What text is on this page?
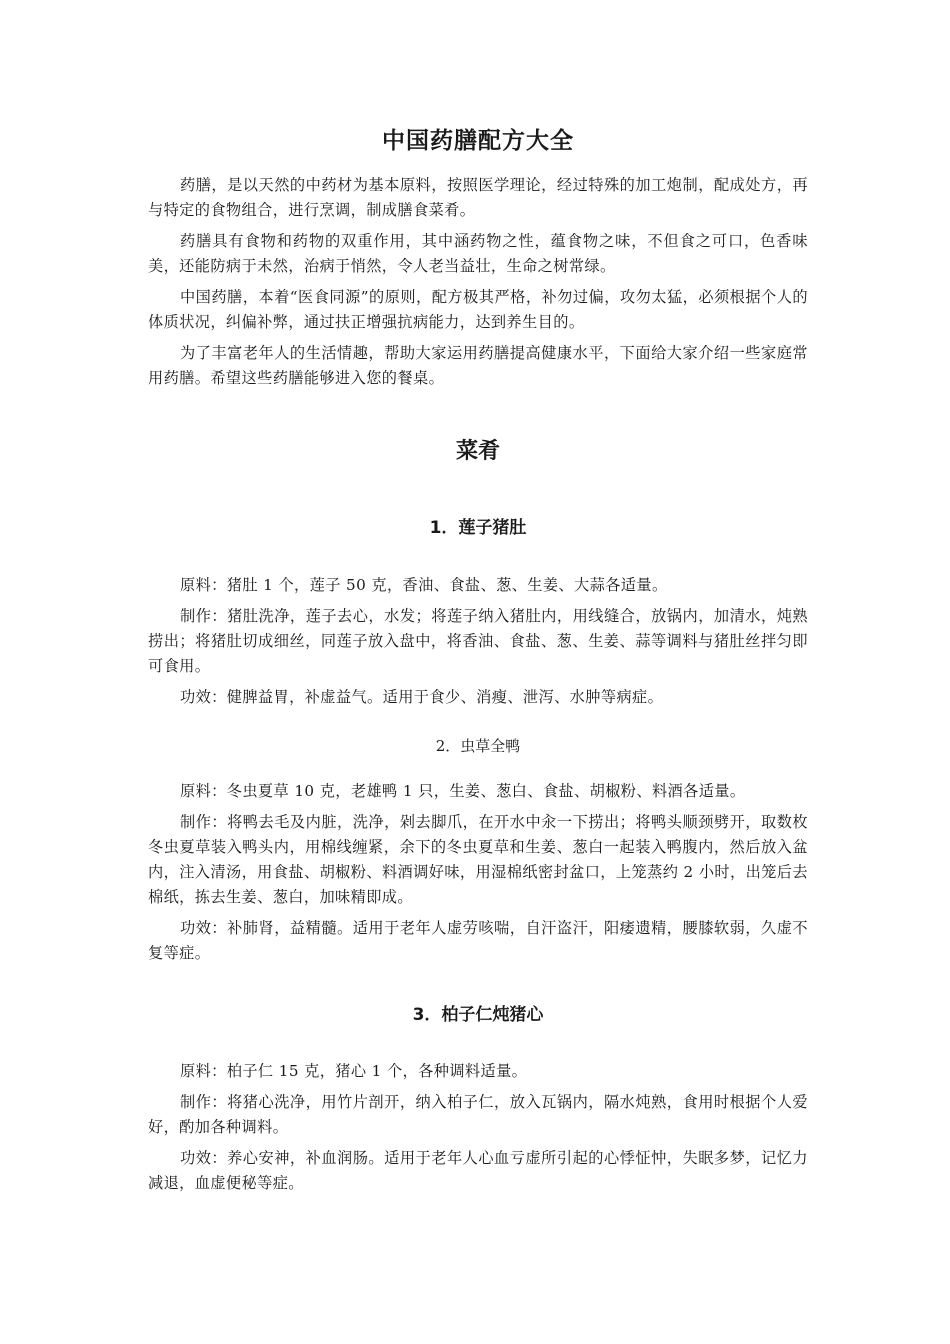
中国药膳配方大全

药膳，是以天然的中药材为基本原料，按照医学理论，经过特殊的加工炮制，配成处方，再与特定的食物组合，进行烹调，制成膳食菜肴。

药膳具有食物和药物的双重作用，其中涵药物之性，蕴食物之味，不但食之可口，色香味美，还能防病于未然，治病于悄然，令人老当益壮，生命之树常绿。

中国药膳，本着“医食同源”的原则，配方极其严格，补勿过偏，攻勿太猛，必须根据个人的体质状况，纠偏补弊，通过扶正增强抗病能力，达到养生目的。

为了丰富老年人的生活情趣，帮助大家运用药膳提高健康水平，下面给大家介绍一些家庭常用药膳。希望这些药膳能够进入您的餐桌。

菜肴
1．莲子猪肚

原料：猪肚 1 个，莲子 50 克，香油、食盐、葱、生姜、大蒜各适量。

制作：猪肚洗净，莲子去心，水发；将莲子纳入猪肚内，用线缝合，放锅内，加清水，炖熟捞出；将猪肚切成细丝，同莲子放入盘中，将香油、食盐、葱、生姜、蒜等调料与猪肚丝拌匀即可食用。

功效：健脾益胃，补虚益气。适用于食少、消瘦、泄泻、水肿等病症。

2．虫草全鸭

原料：冬虫夏草 10 克，老雄鸭 1 只，生姜、葱白、食盐、胡椒粉、料酒各适量。

制作：将鸭去毛及内脏，洗净，剁去脚爪，在开水中汆一下捞出；将鸭头顺颈劈开，取数枚冬虫夏草装入鸭头内，用棉线缠紧，余下的冬虫夏草和生姜、葱白一起装入鸭腹内，然后放入盆内，注入清汤，用食盐、胡椒粉、料酒调好味，用湿棉纸密封盆口，上笼蒸约 2 小时，出笼后去棉纸，拣去生姜、葱白，加味精即成。

功效：补肺肾，益精髓。适用于老年人虚劳咳喘，自汗盗汗，阳痿遗精，腰膝软弱，久虚不复等症。

3．柏子仁炖猪心

原料：柏子仁 15 克，猪心 1 个，各种调料适量。

制作：将猪心洗净，用竹片剖开，纳入柏子仁，放入瓦锅内，隔水炖熟，食用时根据个人爱好，酌加各种调料。

功效：养心安神，补血润肠。适用于老年人心血亏虚所引起的心悸怔忡，失眠多梦，记忆力减退，血虚便秘等症。
